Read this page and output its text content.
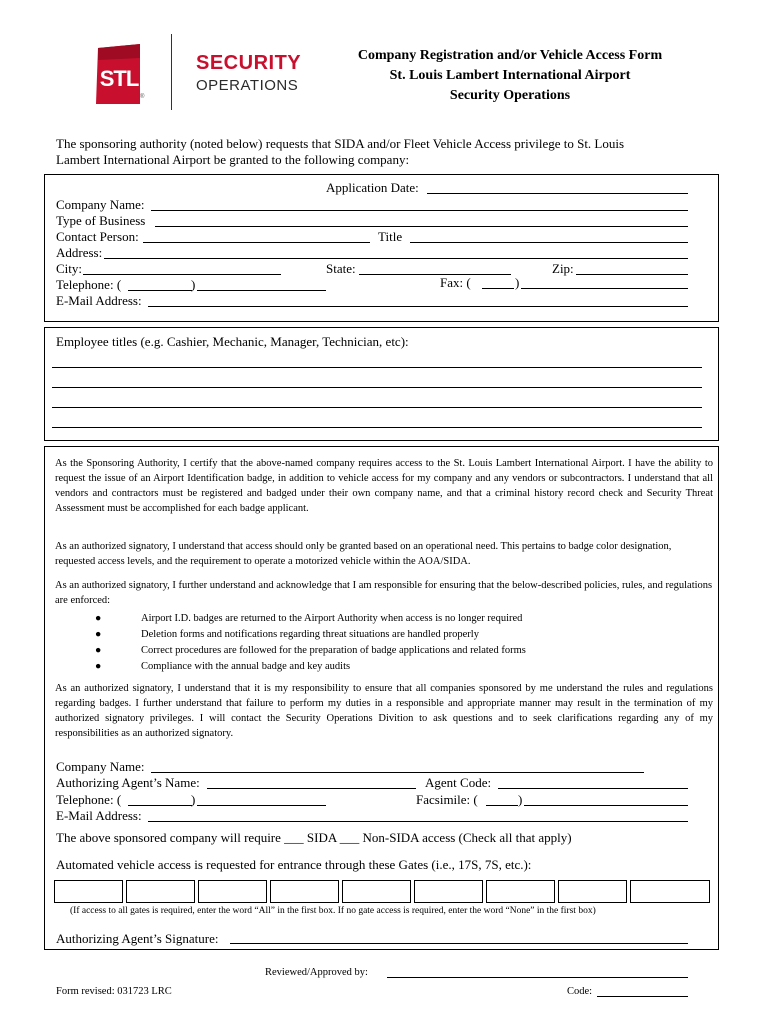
STL
®
SECURITY
OPERATIONS
Company Registration and/or Vehicle Access Form
St. Louis Lambert International Airport
Security Operations
The sponsoring authority (noted below) requests that SIDA and/or Fleet Vehicle Access privilege to St. Louis
Lambert International Airport be granted to the following company:
Application Date:
Company Name:
Type of Business
Contact Person:	Title
Address:
City:	State:	Zip:
Telephone: (	)	Fax: (	)
E-Mail Address:
Employee titles (e.g. Cashier, Mechanic, Manager, Technician, etc):
As the Sponsoring Authority, I certify that the above-named company requires access to the St. Louis Lambert International Airport. I have the ability to request the issue of an Airport Identification badge, in addition to vehicle access for my company and any vendors or subcontractors. I understand that all vendors and contractors must be registered and badged under their own company name, and that a criminal history record check and Security Threat Assessment must be accomplished for each badge applicant.
As an authorized signatory, I understand that access should only be granted based on an operational need. This pertains to badge color designation, requested access levels, and the requirement to operate a motorized vehicle within the AOA/SIDA.
As an authorized signatory, I further understand and acknowledge that I am responsible for ensuring that the below-described policies, rules, and regulations are enforced:
●	Airport I.D. badges are returned to the Airport Authority when access is no longer required
●	Deletion forms and notifications regarding threat situations are handled properly
●	Correct procedures are followed for the preparation of badge applications and related forms
●	Compliance with the annual badge and key audits
As an authorized signatory, I understand that it is my responsibility to ensure that all companies sponsored by me understand the rules and regulations regarding badges. I further understand that failure to perform my duties in a responsible and appropriate manner may result in the termination of my authorized signatory privileges. I will contact the Security Operations Divition to ask questions and to seek clarifications regarding any of my responsibilities as an authorized signatory.
Company Name:
Authorizing Agent’s Name:	Agent Code:
Telephone: (	)	Facsimile: (	)
E-Mail Address:
The above sponsored company will require ___ SIDA ___ Non-SIDA access (Check all that apply)
Automated vehicle access is requested for entrance through these Gates (i.e., 17S, 7S, etc.):
(If access to all gates is required, enter the word “All” in the first box. If no gate access is required, enter the word “None” in the first box)
Authorizing Agent’s Signature:
Reviewed/Approved by:
Form revised: 031723 LRC	Code:
